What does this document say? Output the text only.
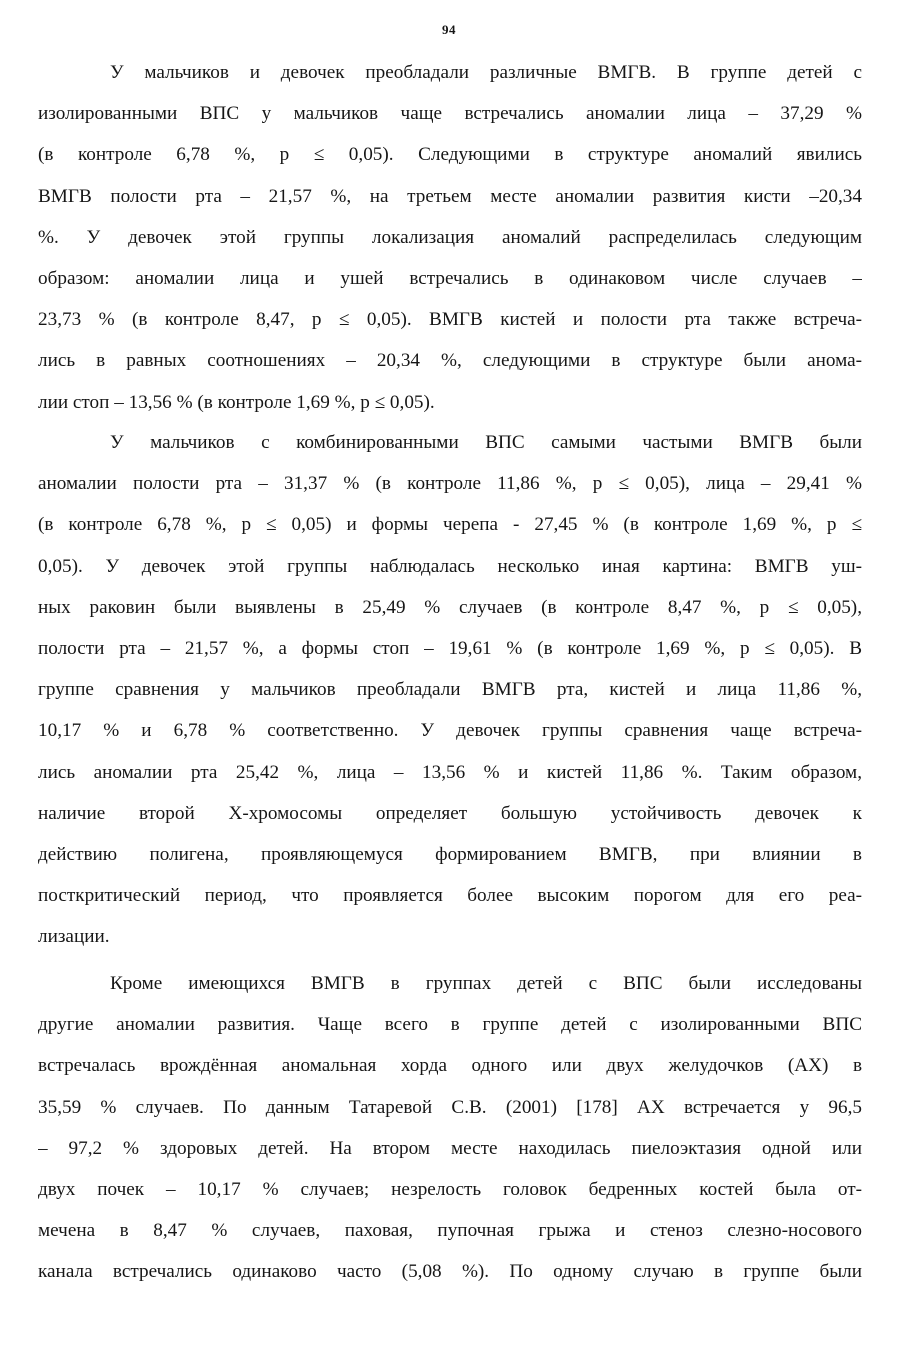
94
У мальчиков и девочек преобладали различные ВМГВ. В группе детей с
изолированными ВПС у мальчиков чаще встречались аномалии лица – 37,29 %
(в контроле 6,78 %, р ≤ 0,05). Следующими в структуре аномалий явились
ВМГВ полости рта – 21,57 %, на третьем месте аномалии развития кисти –20,34
%. У девочек этой группы локализация аномалий распределилась следующим
образом: аномалии лица и ушей встречались в одинаковом числе случаев –
23,73 % (в контроле 8,47, р ≤ 0,05). ВМГВ кистей и полости рта также встреча-
лись в равных соотношениях – 20,34 %, следующими в структуре были анома-
лии стоп – 13,56 % (в контроле 1,69 %, р ≤ 0,05).
У мальчиков с комбинированными ВПС самыми частыми ВМГВ были
аномалии полости рта – 31,37 % (в контроле 11,86 %, р ≤ 0,05), лица – 29,41 %
(в контроле 6,78 %, р ≤ 0,05) и формы черепа - 27,45 % (в контроле 1,69 %, р ≤
0,05). У девочек этой группы наблюдалась несколько иная картина: ВМГВ уш-
ных раковин были выявлены в 25,49 % случаев (в контроле 8,47 %, р ≤ 0,05),
полости рта – 21,57 %, а формы стоп – 19,61 % (в контроле 1,69 %, р ≤ 0,05). В
группе сравнения у мальчиков преобладали ВМГВ рта, кистей и лица 11,86 %,
10,17 % и 6,78 % соответственно. У девочек группы сравнения чаще встреча-
лись аномалии рта 25,42 %, лица – 13,56 % и кистей 11,86 %. Таким образом,
наличие второй Х-хромосомы определяет большую устойчивость девочек к
действию полигена, проявляющемуся формированием ВМГВ, при влиянии в
посткритический период, что проявляется более высоким порогом для его реа-
лизации.
Кроме имеющихся ВМГВ в группах детей с ВПС были исследованы
другие аномалии развития. Чаще всего в группе детей с изолированными ВПС
встречалась врождённая аномальная хорда одного или двух желудочков (АХ) в
35,59 % случаев. По данным Татаревой С.В. (2001) [178] АХ встречается у 96,5
– 97,2 % здоровых детей. На втором месте находилась пиелоэктазия одной или
двух почек – 10,17 % случаев; незрелость головок бедренных костей была от-
мечена в 8,47 % случаев, паховая, пупочная грыжа и стеноз слезно-носового
канала встречались одинаково часто (5,08 %). По одному случаю в группе были
